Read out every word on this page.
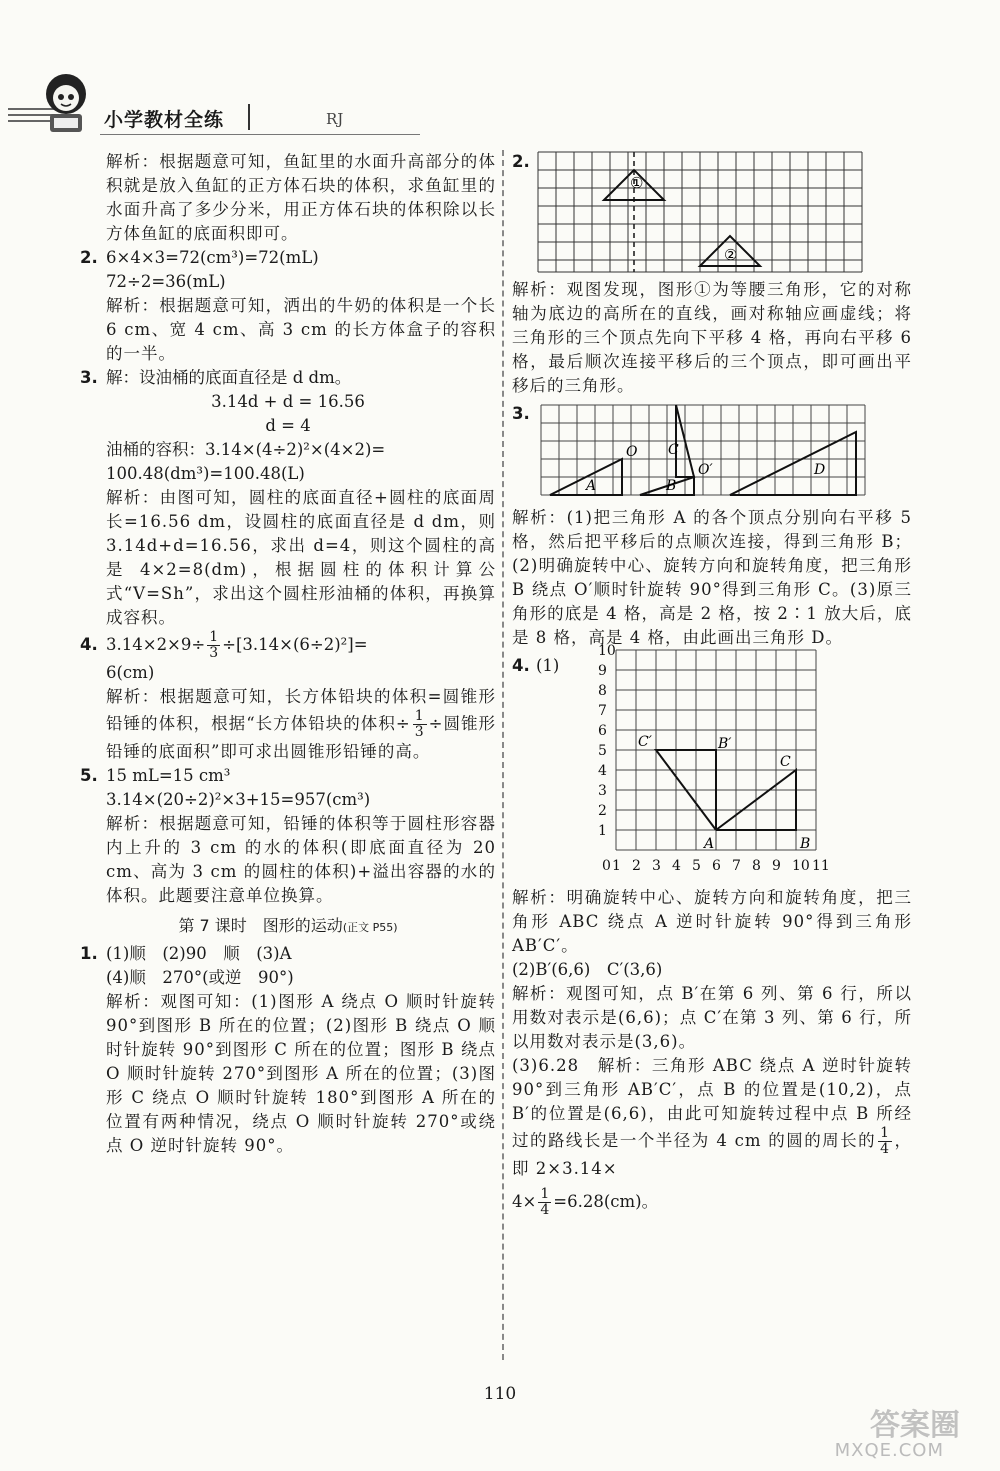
小学教材全练	RJ

解析：根据题意可知，鱼缸里的水面升高部分的体积就是放入鱼缸的正方体石块的体积，求鱼缸里的水面升高了多少分米，用正方体石块的体积除以长方体鱼缸的底面积即可。

2. 6×4×3=72(cm³)=72(mL)

72÷2=36(mL)

解析：根据题意可知，洒出的牛奶的体积是一个长 6 cm、宽 4 cm、高 3 cm 的长方体盒子的容积的一半。

3. 解：设油桶的底面直径是 d dm。

3.14d + d = 16.56

d = 4

油桶的容积：3.14×(4÷2)²×(4×2)=

100.48(dm³)=100.48(L)

解析：由图可知，圆柱的底面直径+圆柱的底面周长=16.56 dm，设圆柱的底面直径是 d dm，则 3.14d+d=16.56，求出 d=4，则这个圆柱的高是 4×2=8(dm)，根据圆柱的体积计算公式“V=Sh”，求出这个圆柱形油桶的体积，再换算成容积。

4. $3.14\times 2\times 9\div \frac{1}{3} \div[3.14\times(6\div 2)^2]=$

6(cm)

解析：根据题意可知，长方体铅块的体积=圆锥形铅锤的体积，根据“长方体铅块的体积÷ $\frac{1}{3}$ ÷圆锥形铅锤的底面积”即可求出圆锥形铅锤的高。

5. 15 mL=15 cm³

3.14×(20÷2)²×3+15=957(cm³)

解析：根据题意可知，铅锤的体积等于圆柱形容器内上升的 3 cm 的水的体积(即底面直径为 20 cm、高为 3 cm 的圆柱的体积)+溢出容器的水的体积。此题要注意单位换算。

第 7 课时　图形的运动(正文 P55)

1. (1)顺　(2)90　顺　(3)A

(4)顺　270°(或逆　90°)

解析：观图可知：(1)图形 A 绕点 O 顺时针旋转 90°到图形 B 所在的位置；(2)图形 B 绕点 O 顺时针旋转 90°到图形 C 所在的位置；图形 B 绕点 O 顺时针旋转 270°到图形 A 所在的位置；(3)图形 C 绕点 O 顺时针旋转 180°到图形 A 所在的位置有两种情况，绕点 O 顺时针旋转 270°或绕点 O 逆时针旋转 90°。

2.
①
②

解析：观图发现，图形①为等腰三角形，它的对称轴为底边的高所在的直线，画对称轴应画虚线；将三角形的三个顶点先向下平移 4 格，再向右平移 6 格，最后顺次连接平移后的三个顶点，即可画出平移后的三角形。

3.
A	B
C
D
O
O′

解析：(1)把三角形 A 的各个顶点分别向右平移 5 格，然后把平移后的点顺次连接，得到三角形 B；(2)明确旋转中心、旋转方向和旋转角度，把三角形 B 绕点 O′顺时针旋转 90°得到三角形 C。(3)原三角形的底是 4 格，高是 2 格，按 2∶1 放大后，底是 8 格，高是 4 格，由此画出三角形 D。

4. (1)
10
9
8
7
6
5
4
3
2
1
1 2 3 4 5 6 7 8 9 10 11
0
A	B
C
B′
C′

解析：明确旋转中心、旋转方向和旋转角度，把三角形 ABC 绕点 A 逆时针旋转 90°得到三角形 AB′C′。

(2)B′(6,6)　C′(3,6)

解析：观图可知，点 B′在第 6 列、第 6 行，所以用数对表示是(6,6)；点 C′在第 3 列、第 6 行，所以用数对表示是(3,6)。

(3)6.28　解析：三角形 ABC 绕点 A 逆时针旋转 90°到三角形 AB′C′，点 B 的位置是(10,2)，点 B′的位置是(6,6)，由此可知旋转过程中点 B 所经过的路线长是一个半径为 4 cm 的圆的周长的 $\frac{1}{4}$ ，即 2×3.14×

$4\times \frac{1}{4} =6.28(cm)$。

110
答案圈
MXQE.COM
